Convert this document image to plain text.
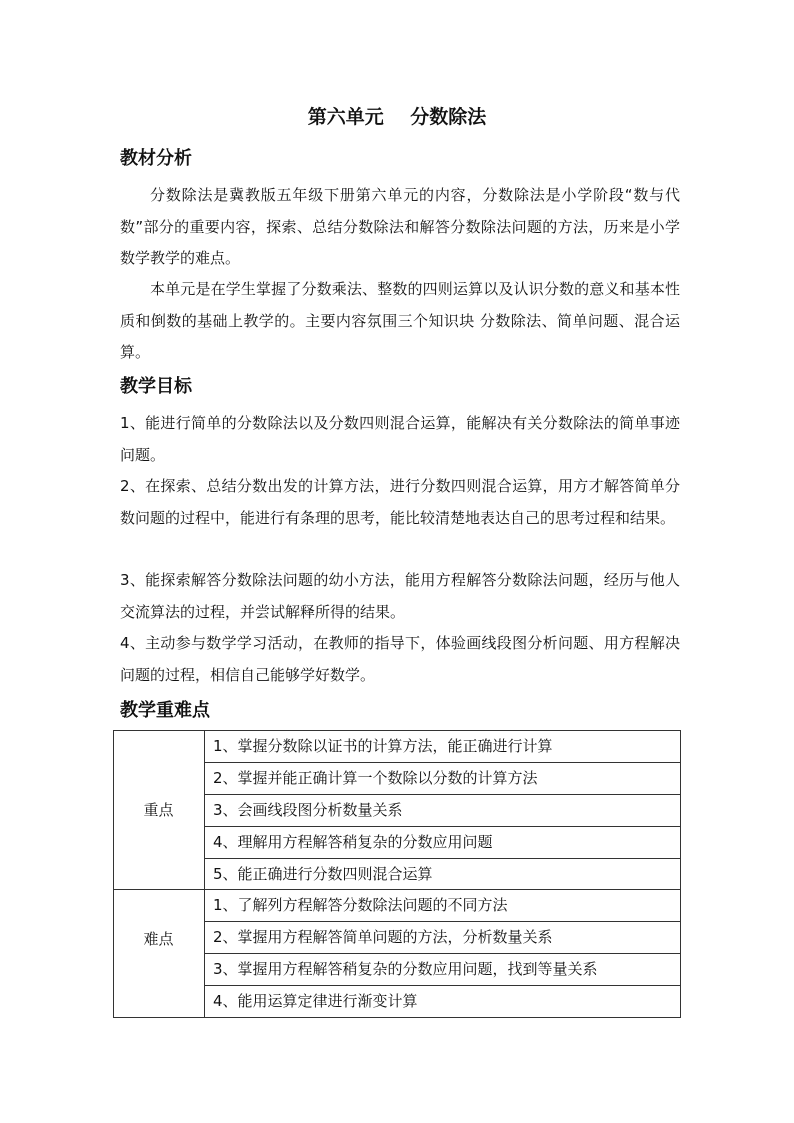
第六单元    分数除法
教材分析
分数除法是冀教版五年级下册第六单元的内容，分数除法是小学阶段“数与代数”部分的重要内容，探索、总结分数除法和解答分数除法问题的方法，历来是小学数学教学的难点。
本单元是在学生掌握了分数乘法、整数的四则运算以及认识分数的意义和基本性质和倒数的基础上教学的。主要内容氛围三个知识块 分数除法、简单问题、混合运算。
教学目标
1、能进行简单的分数除法以及分数四则混合运算，能解决有关分数除法的简单事迹问题。
2、在探索、总结分数出发的计算方法，进行分数四则混合运算，用方才解答简单分数问题的过程中，能进行有条理的思考，能比较清楚地表达自己的思考过程和结果。
3、能探索解答分数除法问题的幼小方法，能用方程解答分数除法问题，经历与他人交流算法的过程，并尝试解释所得的结果。
4、主动参与数学学习活动，在教师的指导下，体验画线段图分析问题、用方程解决问题的过程，相信自己能够学好数学。
教学重难点
重点
难点
1、掌握分数除以证书的计算方法，能正确进行计算
2、掌握并能正确计算一个数除以分数的计算方法
3、会画线段图分析数量关系
4、理解用方程解答稍复杂的分数应用问题
5、能正确进行分数四则混合运算
1、了解列方程解答分数除法问题的不同方法
2、掌握用方程解答简单问题的方法，分析数量关系
3、掌握用方程解答稍复杂的分数应用问题，找到等量关系
4、能用运算定律进行渐变计算
